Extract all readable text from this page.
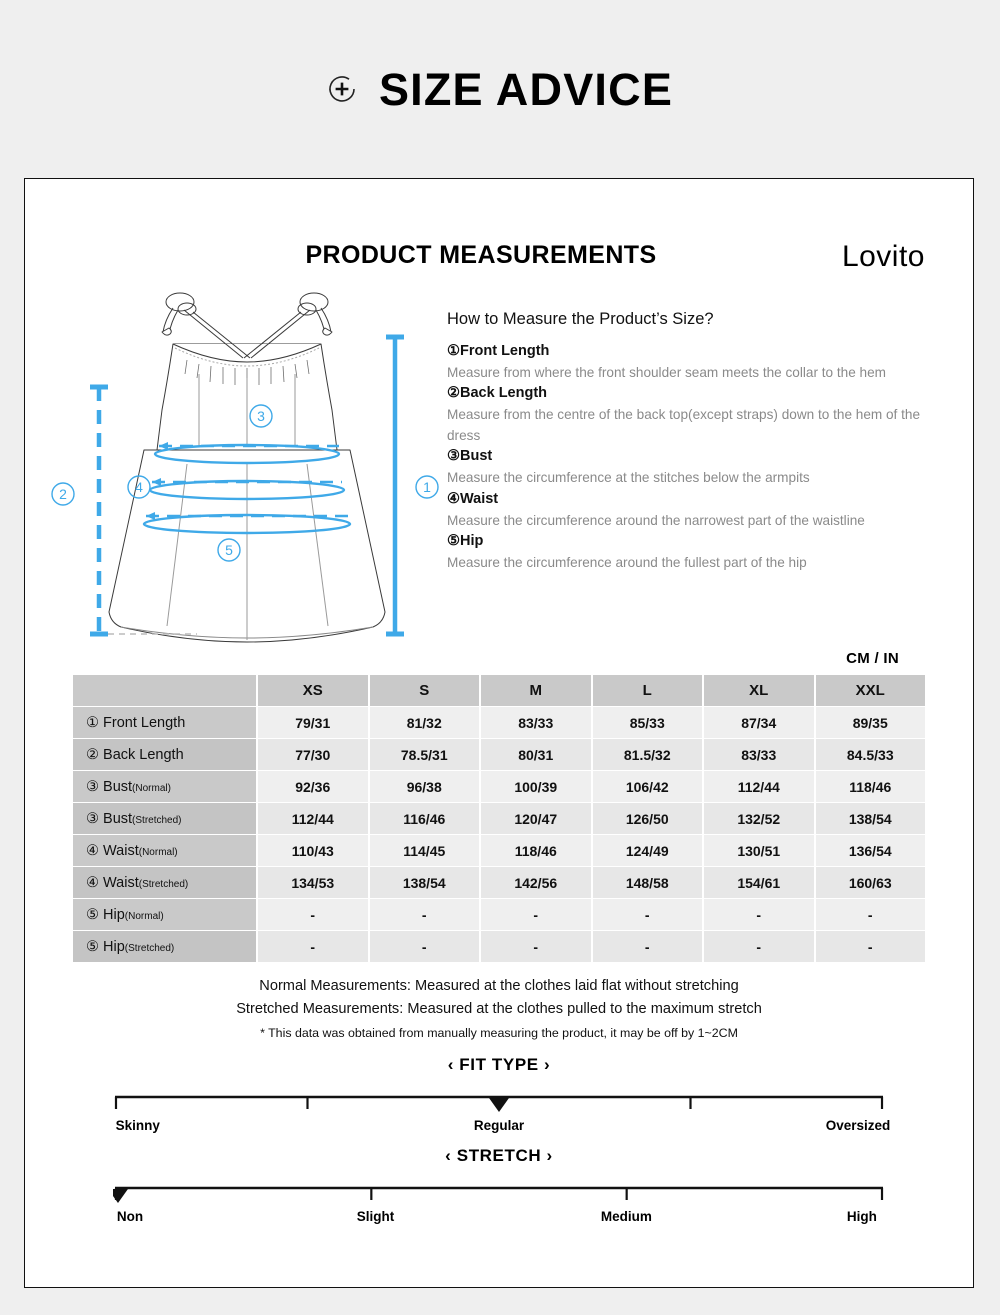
SIZE ADVICE
PRODUCT MEASUREMENTS	Lovito
1
2
3
4
5
How to Measure the Product’s Size?

①Front Length

Measure from where the front shoulder seam meets the collar to the hem

②Back Length

Measure from the centre of the back top(except straps) down to the hem of the dress

③Bust

Measure the circumference at the stitches below the armpits

④Waist

Measure the circumference around the narrowest part of the waistline

⑤Hip

Measure the circumference around the fullest part of the hip

CM / IN
	XS	S	M	L	XL	XXL
① Front Length	79/31	81/32	83/33	85/33	87/34	89/35
② Back Length	77/30	78.5/31	80/31	81.5/32	83/33	84.5/33
③ Bust(Normal)	92/36	96/38	100/39	106/42	112/44	118/46
③ Bust(Stretched)	112/44	116/46	120/47	126/50	132/52	138/54
④ Waist(Normal)	110/43	114/45	118/46	124/49	130/51	136/54
④ Waist(Stretched)	134/53	138/54	142/56	148/58	154/61	160/63
⑤ Hip(Normal)	-	-	-	-	-	-
⑤ Hip(Stretched)	-	-	-	-	-	-
Normal Measurements: Measured at the clothes laid flat without stretching
Stretched Measurements: Measured at the clothes pulled to the maximum stretch
* This data was obtained from manually measuring the product, it may be off by 1~2CM
‹ FIT TYPE ›
Skinny	Regular	Oversized
‹ STRETCH ›
Non	Slight	Medium	High
